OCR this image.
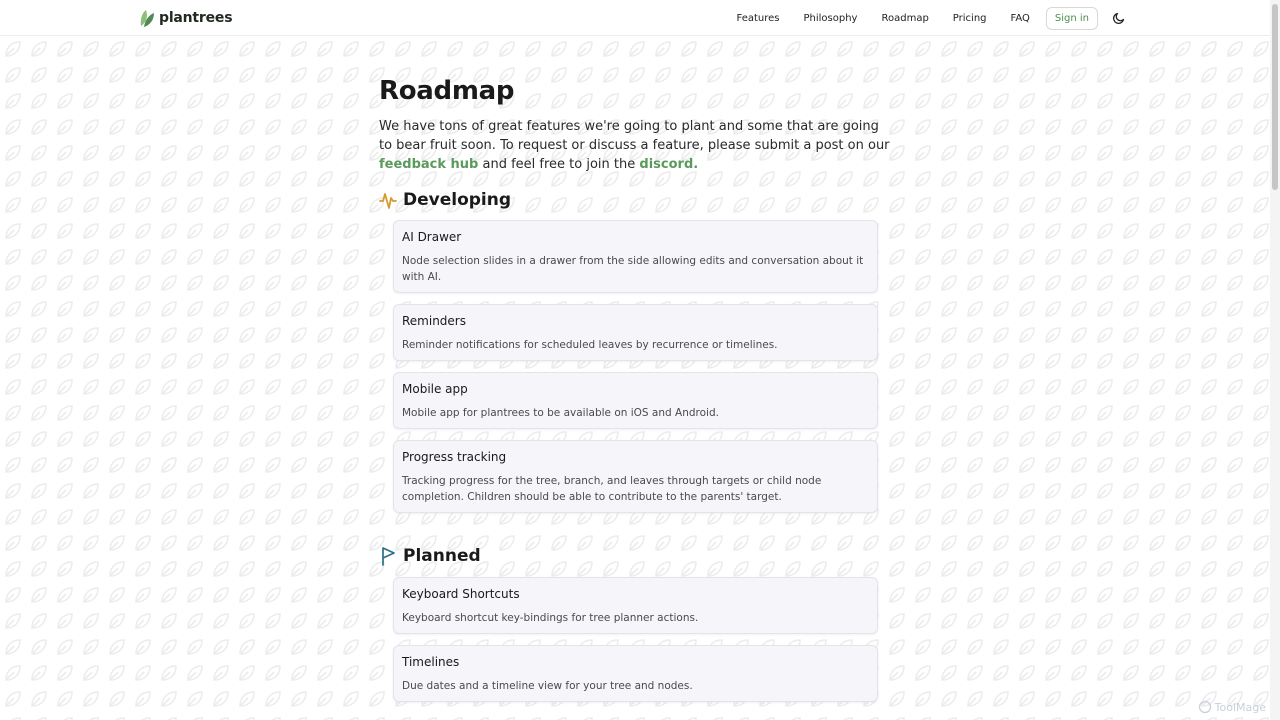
plantrees	Features Philosophy Roadmap Pricing FAQ	Sign in
Roadmap

We have tons of great features we're going to plant and some that are going to bear fruit soon. To request or discuss a feature, please submit a post on our feedback hub and feel free to join the discord.

Developing
AI Drawer
Node selection slides in a drawer from the side allowing edits and conversation about it with AI.
Reminders
Reminder notifications for scheduled leaves by recurrence or timelines.
Mobile app
Mobile app for plantrees to be available on iOS and Android.
Progress tracking
Tracking progress for the tree, branch, and leaves through targets or child node completion. Children should be able to contribute to the parents' target.
Planned
Keyboard Shortcuts
Keyboard shortcut key-bindings for tree planner actions.
Timelines
Due dates and a timeline view for your tree and nodes.
ToolMage
